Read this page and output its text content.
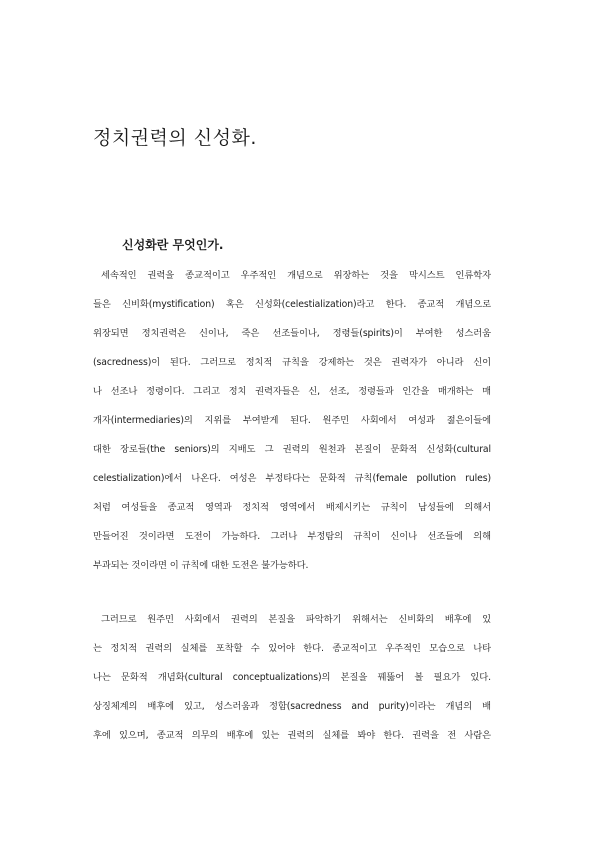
정치권력의 신성화.
신성화란 무엇인가.
세속적인 권력을 종교적이고 우주적인 개념으로 위장하는 것을 막시스트 인류학자
들은 신비화(mystification) 혹은 신성화(celestialization)라고 한다. 종교적 개념으로
위장되면 정치권력은 신이나, 죽은 선조들이나, 정령들(spirits)이 부여한 성스러움
(sacredness)이 된다. 그러므로 정치적 규칙을 강제하는 것은 권력자가 아니라 신이
나 선조나 정령이다. 그리고 정치 권력자들은 신, 선조, 정령들과 인간을 매개하는 매
개자(intermediaries)의 지위를 부여받게 된다. 원주민 사회에서 여성과 젊은이들에
대한 장로들(the seniors)의 지배도 그 권력의 원천과 본질이 문화적 신성화(cultural
celestialization)에서 나온다. 여성은 부정타다는 문화적 규칙(female pollution rules)
처럼 여성들을 종교적 영역과 정치적 영역에서 배제시키는 규칙이 남성들에 의해서
만들어진 것이라면 도전이 가능하다. 그러나 부정탐의 규칙이 신이나 선조들에 의해
부과되는 것이라면 이 규칙에 대한 도전은 불가능하다.
그러므로 원주민 사회에서 권력의 본질을 파악하기 위해서는 신비화의 배후에 있
는 정치적 권력의 실체를 포착할 수 있어야 한다. 종교적이고 우주적인 모습으로 나타
나는 문화적 개념화(cultural conceptualizations)의 본질을 꿰뚫어 볼 필요가 있다.
상징체계의 배후에 있고, 성스러움과 정함(sacredness and purity)이라는 개념의 배
후에 있으며, 종교적 의무의 배후에 있는 권력의 실체를 봐야 한다. 권력을 전 사람은
